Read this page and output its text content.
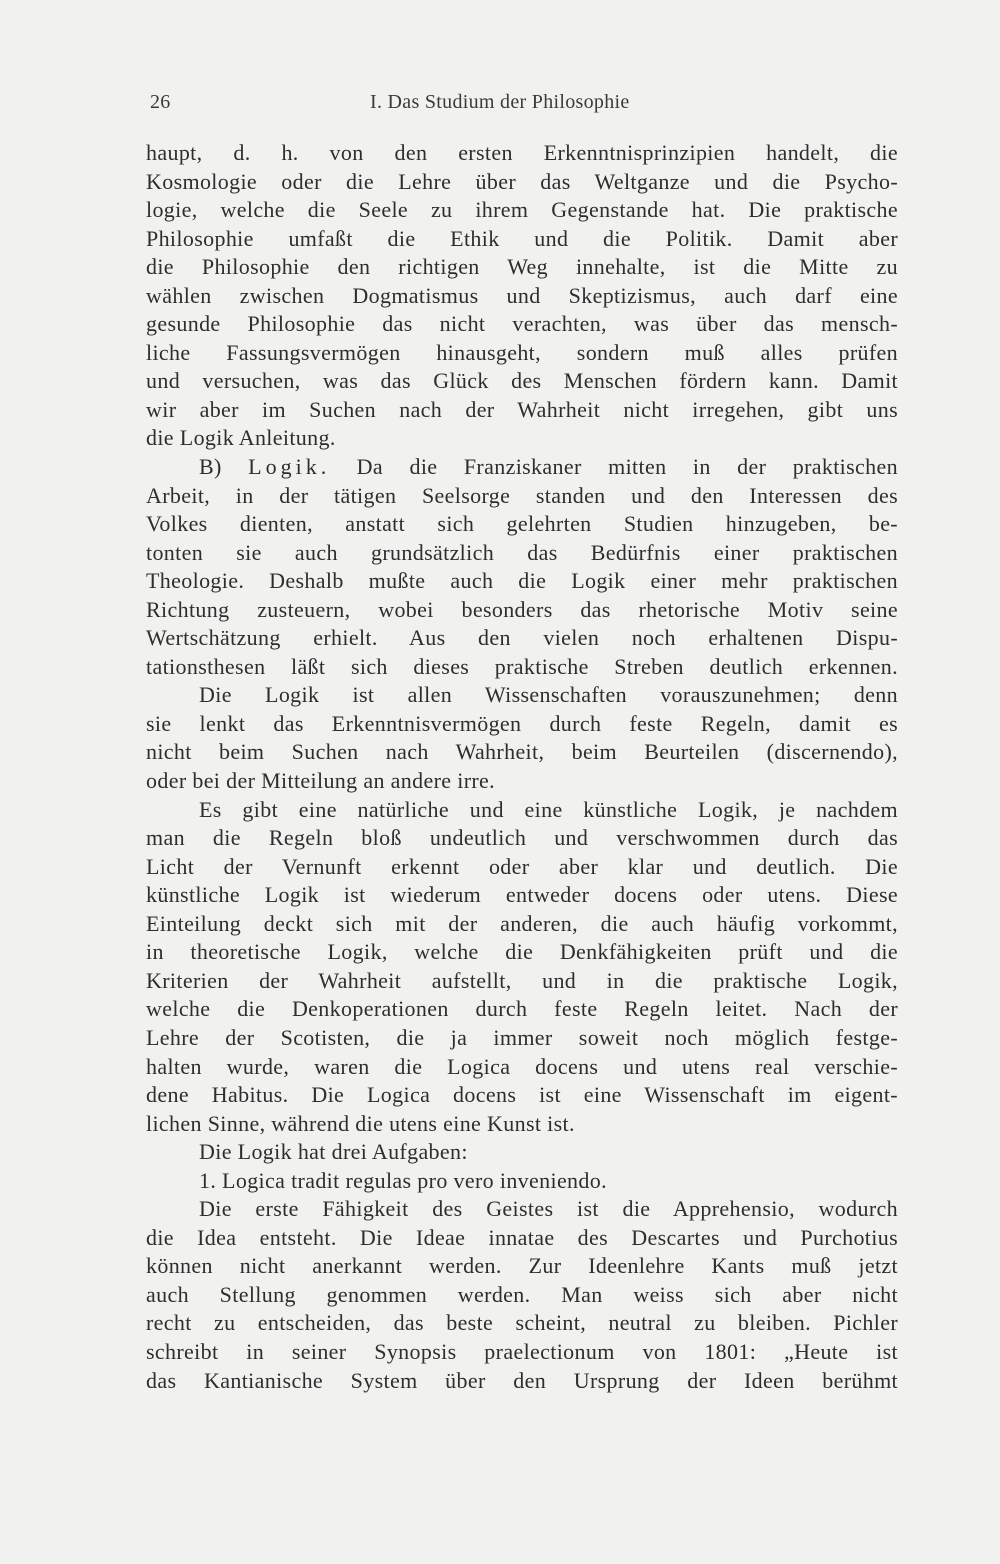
26	I. Das Studium der Philosophie
haupt, d. h. von den ersten Erkenntnisprinzipien handelt, die
Kosmologie oder die Lehre über das Weltganze und die Psycho-
logie, welche die Seele zu ihrem Gegenstande hat. Die praktische
Philosophie umfaßt die Ethik und die Politik. Damit aber
die Philosophie den richtigen Weg innehalte, ist die Mitte zu
wählen zwischen Dogmatismus und Skeptizismus, auch darf eine
gesunde Philosophie das nicht verachten, was über das mensch-
liche Fassungsvermögen hinausgeht, sondern muß alles prüfen
und versuchen, was das Glück des Menschen fördern kann. Damit
wir aber im Suchen nach der Wahrheit nicht irregehen, gibt uns
die Logik Anleitung.
B) Logik. Da die Franziskaner mitten in der praktischen
Arbeit, in der tätigen Seelsorge standen und den Interessen des
Volkes dienten, anstatt sich gelehrten Studien hinzugeben, be-
tonten sie auch grundsätzlich das Bedürfnis einer praktischen
Theologie. Deshalb mußte auch die Logik einer mehr praktischen
Richtung zusteuern, wobei besonders das rhetorische Motiv seine
Wertschätzung erhielt. Aus den vielen noch erhaltenen Dispu-
tationsthesen läßt sich dieses praktische Streben deutlich erkennen.
Die Logik ist allen Wissenschaften vorauszunehmen; denn
sie lenkt das Erkenntnisvermögen durch feste Regeln, damit es
nicht beim Suchen nach Wahrheit, beim Beurteilen (discernendo),
oder bei der Mitteilung an andere irre.
Es gibt eine natürliche und eine künstliche Logik, je nachdem
man die Regeln bloß undeutlich und verschwommen durch das
Licht der Vernunft erkennt oder aber klar und deutlich. Die
künstliche Logik ist wiederum entweder docens oder utens. Diese
Einteilung deckt sich mit der anderen, die auch häufig vorkommt,
in theoretische Logik, welche die Denkfähigkeiten prüft und die
Kriterien der Wahrheit aufstellt, und in die praktische Logik,
welche die Denkoperationen durch feste Regeln leitet. Nach der
Lehre der Scotisten, die ja immer soweit noch möglich festge-
halten wurde, waren die Logica docens und utens real verschie-
dene Habitus. Die Logica docens ist eine Wissenschaft im eigent-
lichen Sinne, während die utens eine Kunst ist.
Die Logik hat drei Aufgaben:
1. Logica tradit regulas pro vero inveniendo.
Die erste Fähigkeit des Geistes ist die Apprehensio, wodurch
die Idea entsteht. Die Ideae innatae des Descartes und Purchotius
können nicht anerkannt werden. Zur Ideenlehre Kants muß jetzt
auch Stellung genommen werden. Man weiss sich aber nicht
recht zu entscheiden, das beste scheint, neutral zu bleiben. Pichler
schreibt in seiner Synopsis praelectionum von 1801: „Heute ist
das Kantianische System über den Ursprung der Ideen berühmt
